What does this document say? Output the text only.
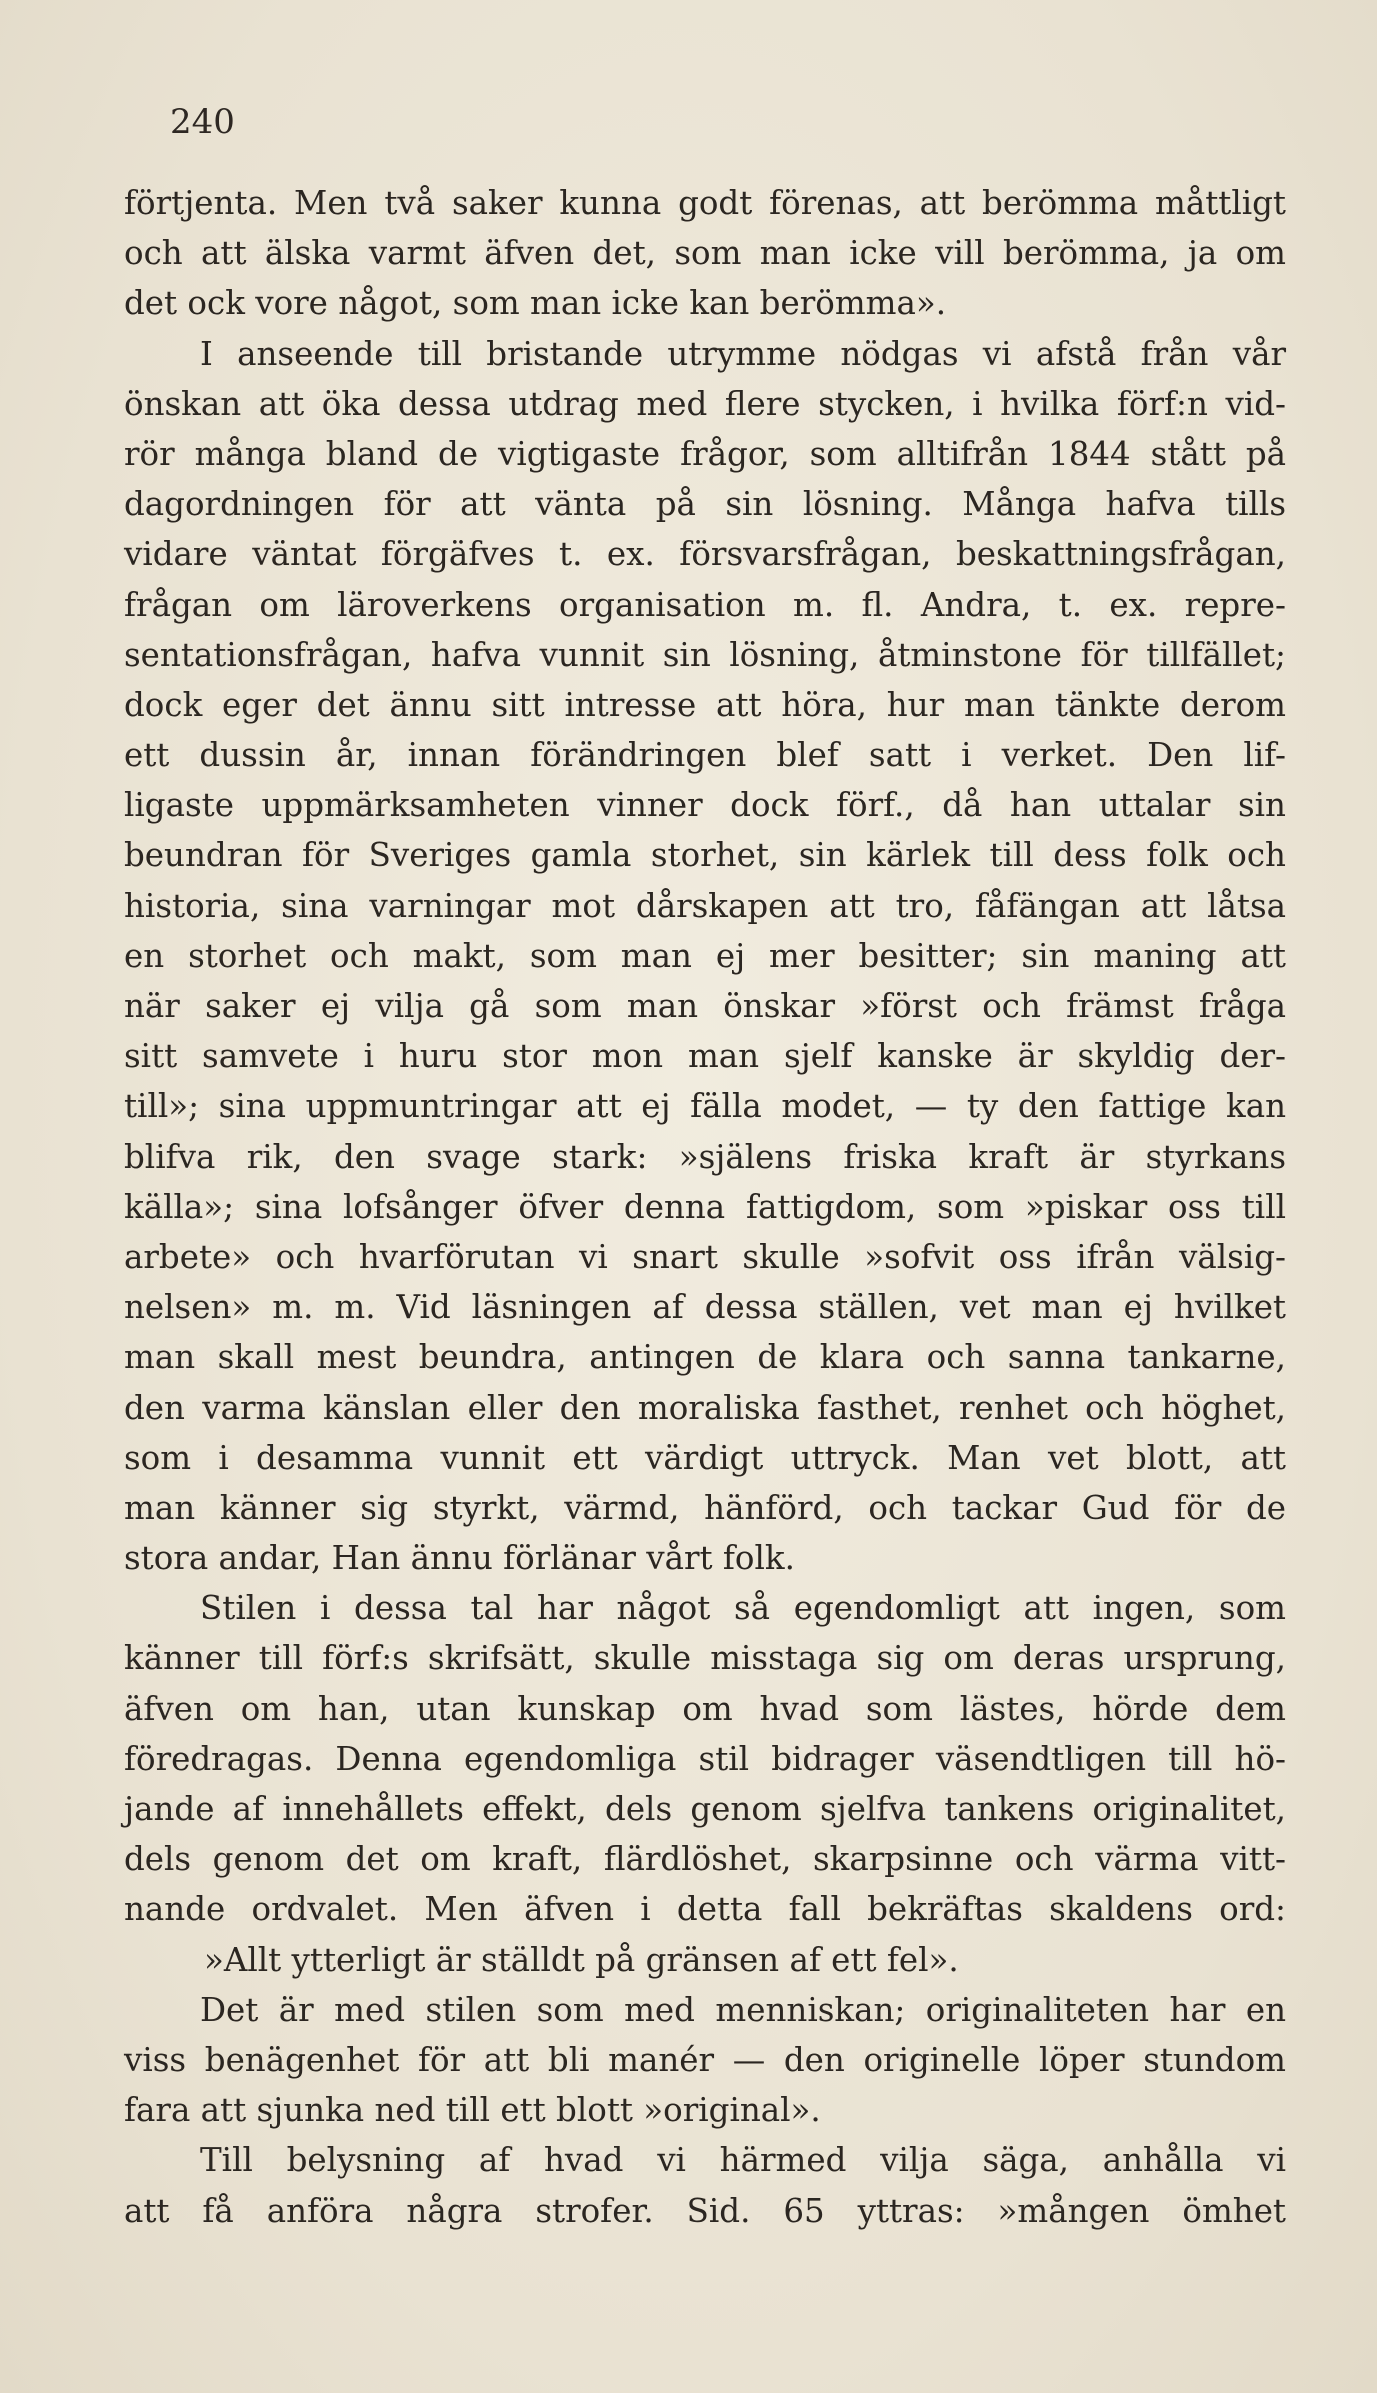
240
förtjenta. Men två saker kunna godt förenas, att berömma måttligt
och att älska varmt äfven det, som man icke vill berömma, ja om
det ock vore något, som man icke kan berömma».
I anseende till bristande utrymme nödgas vi afstå från vår
önskan att öka dessa utdrag med flere stycken, i hvilka förf:n vid-
rör många bland de vigtigaste frågor, som alltifrån 1844 stått på
dagordningen för att vänta på sin lösning. Många hafva tills
vidare väntat förgäfves t. ex. försvarsfrågan, beskattningsfrågan,
frågan om läroverkens organisation m. fl. Andra, t. ex. repre-
sentationsfrågan, hafva vunnit sin lösning, åtminstone för tillfället;
dock eger det ännu sitt intresse att höra, hur man tänkte derom
ett dussin år, innan förändringen blef satt i verket. Den lif-
ligaste uppmärksamheten vinner dock förf., då han uttalar sin
beundran för Sveriges gamla storhet, sin kärlek till dess folk och
historia, sina varningar mot dårskapen att tro, fåfängan att låtsa
en storhet och makt, som man ej mer besitter; sin maning att
när saker ej vilja gå som man önskar »först och främst fråga
sitt samvete i huru stor mon man sjelf kanske är skyldig der-
till»; sina uppmuntringar att ej fälla modet, — ty den fattige kan
blifva rik, den svage stark: »själens friska kraft är styrkans
källa»; sina lofsånger öfver denna fattigdom, som »piskar oss till
arbete» och hvarförutan vi snart skulle »sofvit oss ifrån välsig-
nelsen» m. m. Vid läsningen af dessa ställen, vet man ej hvilket
man skall mest beundra, antingen de klara och sanna tankarne,
den varma känslan eller den moraliska fasthet, renhet och höghet,
som i desamma vunnit ett värdigt uttryck. Man vet blott, att
man känner sig styrkt, värmd, hänförd, och tackar Gud för de
stora andar, Han ännu förlänar vårt folk.
Stilen i dessa tal har något så egendomligt att ingen, som
känner till förf:s skrifsätt, skulle misstaga sig om deras ursprung,
äfven om han, utan kunskap om hvad som lästes, hörde dem
föredragas. Denna egendomliga stil bidrager väsendtligen till hö-
jande af innehållets effekt, dels genom sjelfva tankens originalitet,
dels genom det om kraft, flärdlöshet, skarpsinne och värma vitt-
nande ordvalet. Men äfven i detta fall bekräftas skaldens ord:
»Allt ytterligt är ställdt på gränsen af ett fel».
Det är med stilen som med menniskan; originaliteten har en
viss benägenhet för att bli manér — den originelle löper stundom
fara att sjunka ned till ett blott »original».
Till belysning af hvad vi härmed vilja säga, anhålla vi
att få anföra några strofer. Sid. 65 yttras: »mången ömhet
